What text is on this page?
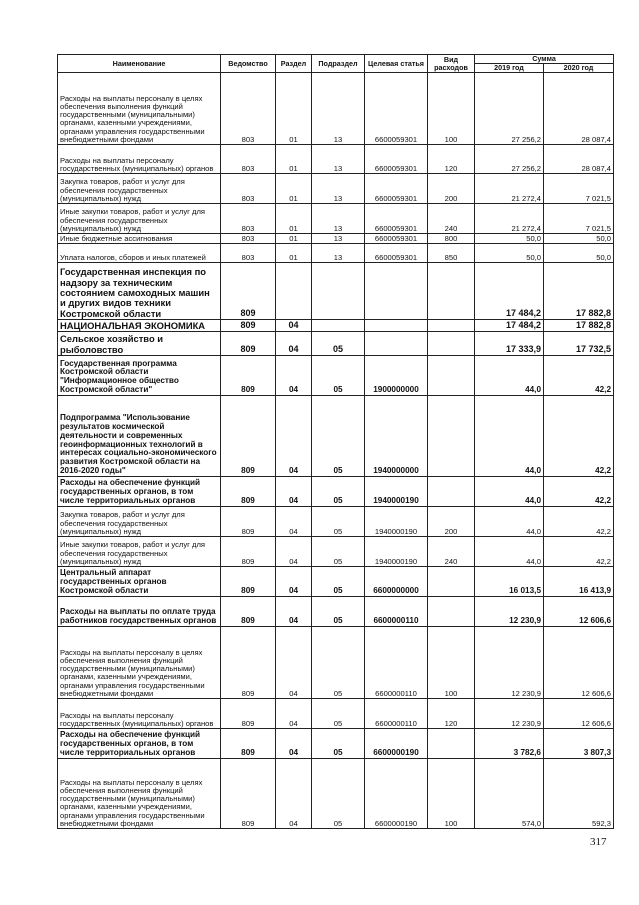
Наименование	Ведомство	Раздел	Подраздел	Целевая статья	Вид расходов	Сумма	
						2019 год	2020 год
Расходы на выплаты персоналу в целях обеспечения выполнения функций государственными (муниципальными) органами, казенными учреждениями, органами управления государственными внебюджетными фондами	803	01	13	6600059301	100	27 256,2	28 087,4
Расходы на выплаты персоналу государственных (муниципальных) органов	803	01	13	6600059301	120	27 256,2	28 087,4
Закупка товаров, работ и услуг для обеспечения государственных (муниципальных) нужд	803	01	13	6600059301	200	21 272,4	7 021,5
Иные закупки товаров, работ и услуг для обеспечения государственных (муниципальных) нужд	803	01	13	6600059301	240	21 272,4	7 021,5
Иные бюджетные ассигнования	803	01	13	6600059301	800	50,0	50,0
Уплата налогов, сборов и иных платежей	803	01	13	6600059301	850	50,0	50,0
Государственная инспекция по надзору за техническим состоянием самоходных машин и других видов техники Костромской области	809					17 484,2	17 882,8
НАЦИОНАЛЬНАЯ ЭКОНОМИКА	809	04				17 484,2	17 882,8
Сельское хозяйство и рыболовство	809	04	05			17 333,9	17 732,5
Государственная программа Костромской области "Информационное общество Костромской области"	809	04	05	1900000000		44,0	42,2
Подпрограмма "Использование результатов космической деятельности и современных геоинформационных технологий в интересах социально-экономического развития Костромской области на 2016-2020 годы"	809	04	05	1940000000		44,0	42,2
Расходы на обеспечение функций государственных органов, в том числе территориальных органов	809	04	05	1940000190		44,0	42,2
Закупка товаров, работ и услуг для обеспечения государственных (муниципальных) нужд	809	04	05	1940000190	200	44,0	42,2
Иные закупки товаров, работ и услуг для обеспечения государственных (муниципальных) нужд	809	04	05	1940000190	240	44,0	42,2
Центральный аппарат государственных органов Костромской области	809	04	05	6600000000		16 013,5	16 413,9
Расходы на выплаты по оплате труда работников государственных органов	809	04	05	6600000110		12 230,9	12 606,6
Расходы на выплаты персоналу в целях обеспечения выполнения функций государственными (муниципальными) органами, казенными учреждениями, органами управления государственными внебюджетными фондами	809	04	05	6600000110	100	12 230,9	12 606,6
Расходы на выплаты персоналу государственных (муниципальных) органов	809	04	05	6600000110	120	12 230,9	12 606,6
Расходы на обеспечение функций государственных органов, в том числе территориальных органов	809	04	05	6600000190		3 782,6	3 807,3
Расходы на выплаты персоналу в целях обеспечения выполнения функций государственными (муниципальными) органами, казенными учреждениями, органами управления государственными внебюджетными фондами	809	04	05	6600000190	100	574,0	592,3
317
